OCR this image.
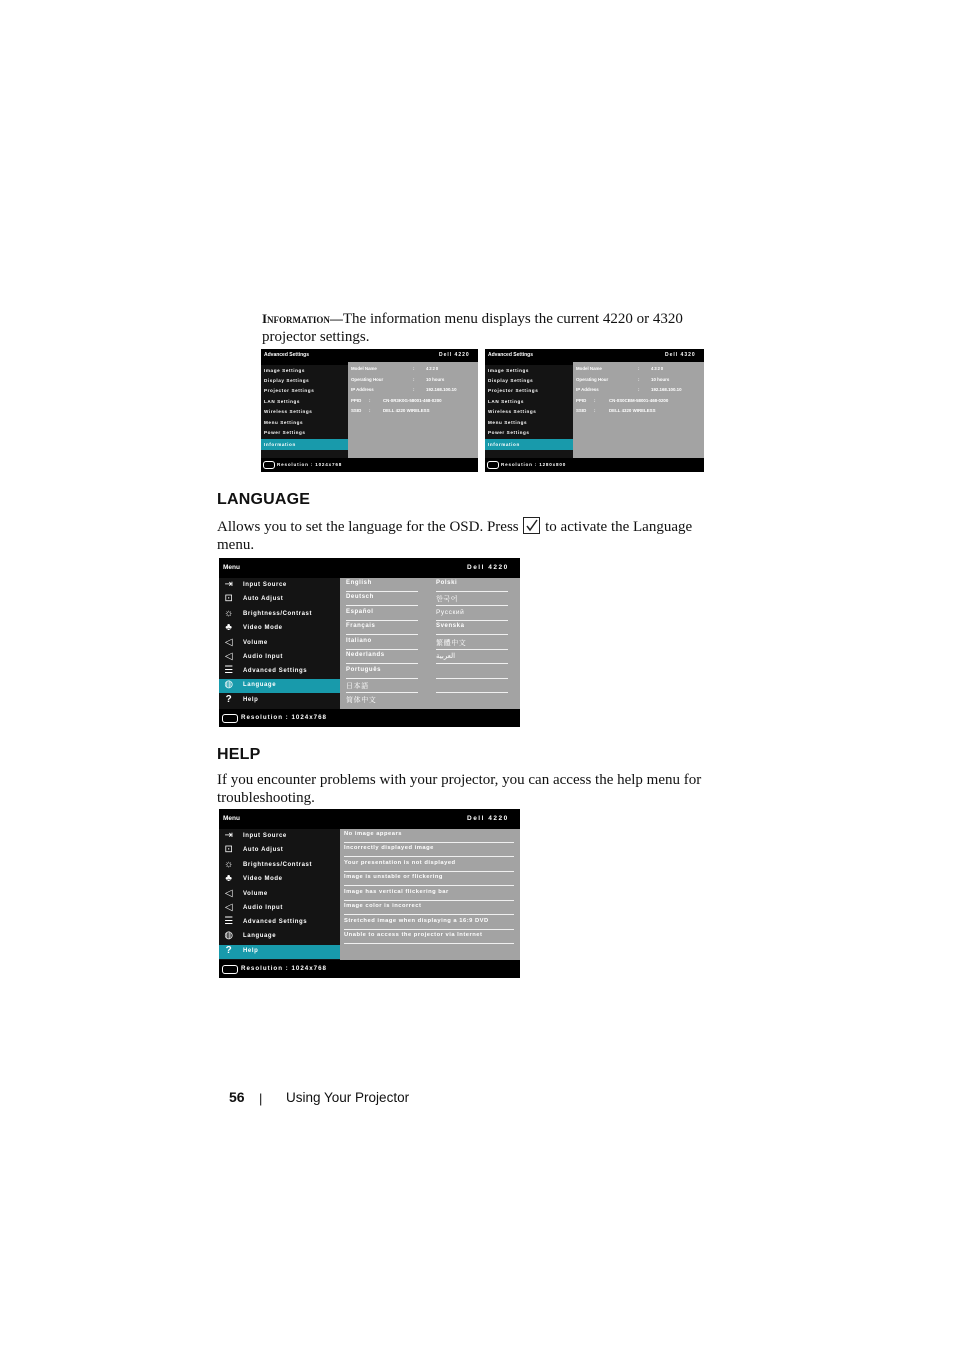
Information—The information menu displays the current 4220 or 4320
projector settings.
Advanced Settings	Dell 4220
Image Settings
Display Settings
Projector Settings
LAN Settings
Wireless Settings
Menu Settings
Power Settings
Information
Model Name	:	4220
Operating Hour	:	10 hours
IP Address	:	192.168.100.10
PPID :	CN-0R3K0G-58001-468-0200
SSID :	DELL 4220 WIRELESS
Resolution : 1024x768
Advanced Settings	Dell 4320
Image Settings
Display Settings
Projector Settings
LAN Settings
Wireless Settings
Menu Settings
Power Settings
Information
Model Name	:	4320
Operating Hour	:	10 hours
IP Address	:	192.168.100.10
PPID :	CN-0S0CBM-58001-468-0200
SSID :	DELL 4320 WIRELESS
Resolution : 1280x800
LANGUAGE
Allows you to set the language for the OSD. Press to activate the Language
menu.
Menu	Dell 4220
⇥ Input Source
⊡ Auto Adjust
☼ Brightness/Contrast
♣	Video Mode
◁	Volume
◁	Audio Input
☰ Advanced Settings
◍ Language
?	Help
English
Deutsch
Español
Français
Italiano
Nederlands
Português
日本語
简体中文
Polski
한국어
Pyccкий
Svenska
繁體中文
العربية
Resolution : 1024x768
HELP
If you encounter problems with your projector, you can access the help menu for
troubleshooting.
Menu	Dell 4220
⇥ Input Source
⊡ Auto Adjust
☼ Brightness/Contrast
♣	Video Mode
◁	Volume
◁	Audio Input
☰ Advanced Settings
◍ Language
?	Help
No image appears
Incorrectly displayed image
Your presentation is not displayed
Image is unstable or flickering
Image has vertical flickering bar
Image color is incorrect
Stretched image when displaying a 16:9 DVD
Unable to access the projector via Internet
Resolution : 1024x768
56 | Using Your Projector
